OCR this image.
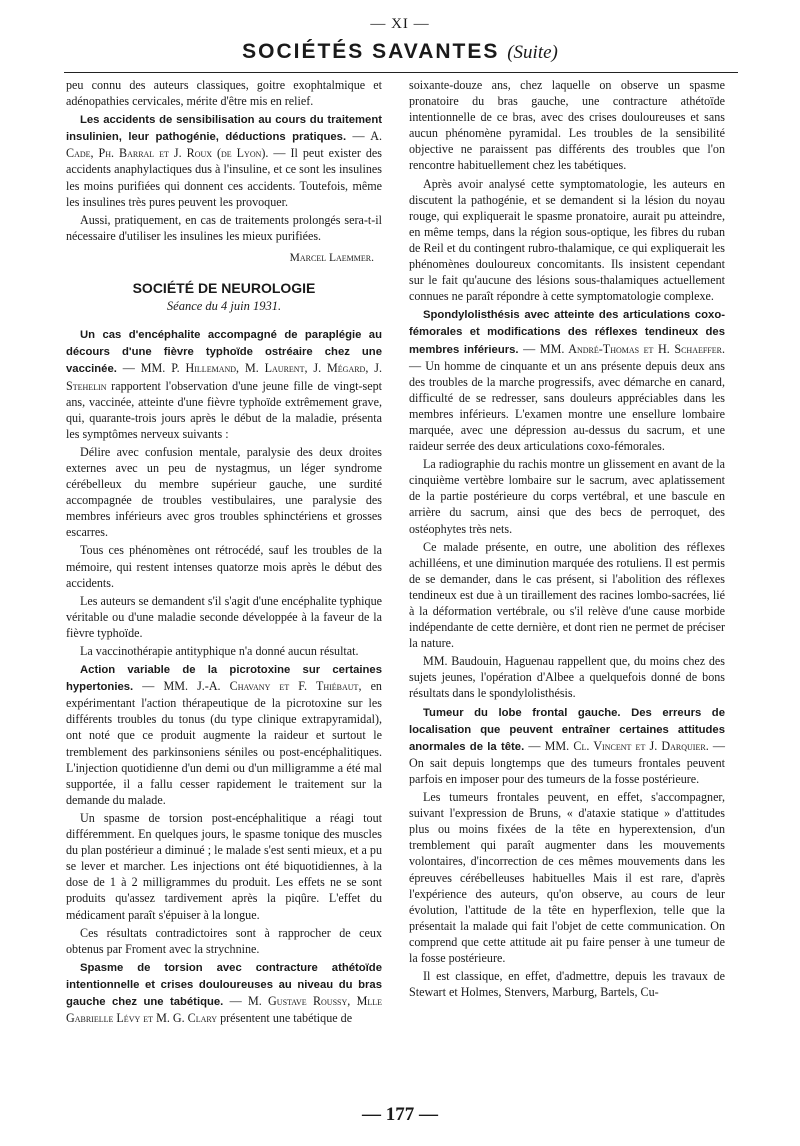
— XI —
SOCIÉTÉS SAVANTES (Suite)

peu connu des auteurs classiques, goitre exophtalmique et adénopathies cervicales, mérite d'être mis en relief.

Les accidents de sensibilisation au cours du traitement insulinien, leur pathogénie, déductions pratiques. — A. Cade, Ph. Barral et J. Roux (de Lyon). — Il peut exister des accidents anaphylactiques dus à l'insuline, et ce sont les insulines les moins purifiées qui donnent ces accidents. Toutefois, même les insulines très pures peuvent les provoquer.

Aussi, pratiquement, en cas de traitements prolongés sera-t-il nécessaire d'utiliser les insulines les mieux purifiées.

Marcel Laemmer.

SOCIÉTÉ DE NEUROLOGIE
Séance du 4 juin 1931.

Un cas d'encéphalite accompagné de paraplégie au décours d'une fièvre typhoïde ostréaire chez une vaccinée. — MM. P. Hillemand, M. Laurent, J. Mégard, J. Stehelin rapportent l'observation d'une jeune fille de vingt-sept ans, vaccinée, atteinte d'une fièvre typhoïde extrêmement grave, qui, quarante-trois jours après le début de la maladie, présenta les symptômes nerveux suivants :

Délire avec confusion mentale, paralysie des deux droites externes avec un peu de nystagmus, un léger syndrome cérébelleux du membre supérieur gauche, une surdité accompagnée de troubles vestibulaires, une paralysie des membres inférieurs avec gros troubles sphinctériens et grosses escarres.

Tous ces phénomènes ont rétrocédé, sauf les troubles de la mémoire, qui restent intenses quatorze mois après le début des accidents.

Les auteurs se demandent s'il s'agit d'une encéphalite typhique véritable ou d'une maladie seconde développée à la faveur de la fièvre typhoïde.

La vaccinothérapie antityphique n'a donné aucun résultat.

Action variable de la picrotoxine sur certaines hypertonies. — MM. J.-A. Chavany et F. Thiébaut, en expérimentant l'action thérapeutique de la picrotoxine sur les différents troubles du tonus (du type clinique extrapyramidal), ont noté que ce produit augmente la raideur et surtout le tremblement des parkinsoniens séniles ou post-encéphalitiques. L'injection quotidienne d'un demi ou d'un milligramme a été mal supportée, il a fallu cesser rapidement le traitement sur la demande du malade.

Un spasme de torsion post-encéphalitique a réagi tout différemment. En quelques jours, le spasme tonique des muscles du plan postérieur a diminué ; le malade s'est senti mieux, et a pu se lever et marcher. Les injections ont été biquotidiennes, à la dose de 1 à 2 milligrammes du produit. Les effets ne se sont produits qu'assez tardivement après la piqûre. L'effet du médicament paraît s'épuiser à la longue.

Ces résultats contradictoires sont à rapprocher de ceux obtenus par Froment avec la strychnine.

Spasme de torsion avec contracture athétoïde intentionnelle et crises douloureuses au niveau du bras gauche chez une tabétique. — M. Gustave Roussy, Mlle Gabrielle Lévy et M. G. Clary présentent une tabétique de

soixante-douze ans, chez laquelle on observe un spasme pronatoire du bras gauche, une contracture athétoïde intentionnelle de ce bras, avec des crises douloureuses et sans aucun phénomène pyramidal. Les troubles de la sensibilité objective ne paraissent pas différents des troubles que l'on rencontre habituellement chez les tabétiques.

Après avoir analysé cette symptomatologie, les auteurs en discutent la pathogénie, et se demandent si la lésion du noyau rouge, qui expliquerait le spasme pronatoire, aurait pu atteindre, en même temps, dans la région sous-optique, les fibres du ruban de Reil et du contingent rubro-thalamique, ce qui expliquerait les phénomènes douloureux concomitants. Ils insistent cependant sur le fait qu'aucune des lésions sous-thalamiques actuellement connues ne paraît répondre à cette symptomatologie complexe.

Spondylolisthésis avec atteinte des articulations coxo-fémorales et modifications des réflexes tendineux des membres inférieurs. — MM. André-Thomas et H. Schaeffer. — Un homme de cinquante et un ans présente depuis deux ans des troubles de la marche progressifs, avec démarche en canard, difficulté de se redresser, sans douleurs appréciables dans les membres inférieurs. L'examen montre une ensellure lombaire marquée, avec une dépression au-dessus du sacrum, et une raideur serrée des deux articulations coxo-fémorales.

La radiographie du rachis montre un glissement en avant de la cinquième vertèbre lombaire sur le sacrum, avec aplatissement de la partie postérieure du corps vertébral, et une bascule en arrière du sacrum, ainsi que des becs de perroquet, des ostéophytes très nets.

Ce malade présente, en outre, une abolition des réflexes achilléens, et une diminution marquée des rotuliens. Il est permis de se demander, dans le cas présent, si l'abolition des réflexes tendineux est due à un tiraillement des racines lombo-sacrées, lié à la déformation vertébrale, ou s'il relève d'une cause morbide indépendante de cette dernière, et dont rien ne permet de préciser la nature.

MM. Baudouin, Haguenau rappellent que, du moins chez des sujets jeunes, l'opération d'Albee a quelquefois donné de bons résultats dans le spondylolisthésis.

Tumeur du lobe frontal gauche. Des erreurs de localisation que peuvent entraîner certaines attitudes anormales de la tête. — MM. Cl. Vincent et J. Darquier. — On sait depuis longtemps que des tumeurs frontales peuvent parfois en imposer pour des tumeurs de la fosse postérieure.

Les tumeurs frontales peuvent, en effet, s'accompagner, suivant l'expression de Bruns, « d'ataxie statique » d'attitudes plus ou moins fixées de la tête en hyperextension, d'un tremblement qui paraît augmenter dans les mouvements volontaires, d'incorrection de ces mêmes mouvements dans les épreuves cérébelleuses habituelles Mais il est rare, d'après l'expérience des auteurs, qu'on observe, au cours de leur évolution, l'attitude de la tête en hyperflexion, telle que la présentait la malade qui fait l'objet de cette communication. On comprend que cette attitude ait pu faire penser à une tumeur de la fosse postérieure.

Il est classique, en effet, d'admettre, depuis les travaux de Stewart et Holmes, Stenvers, Marburg, Bartels, Cu-

— 177 —
